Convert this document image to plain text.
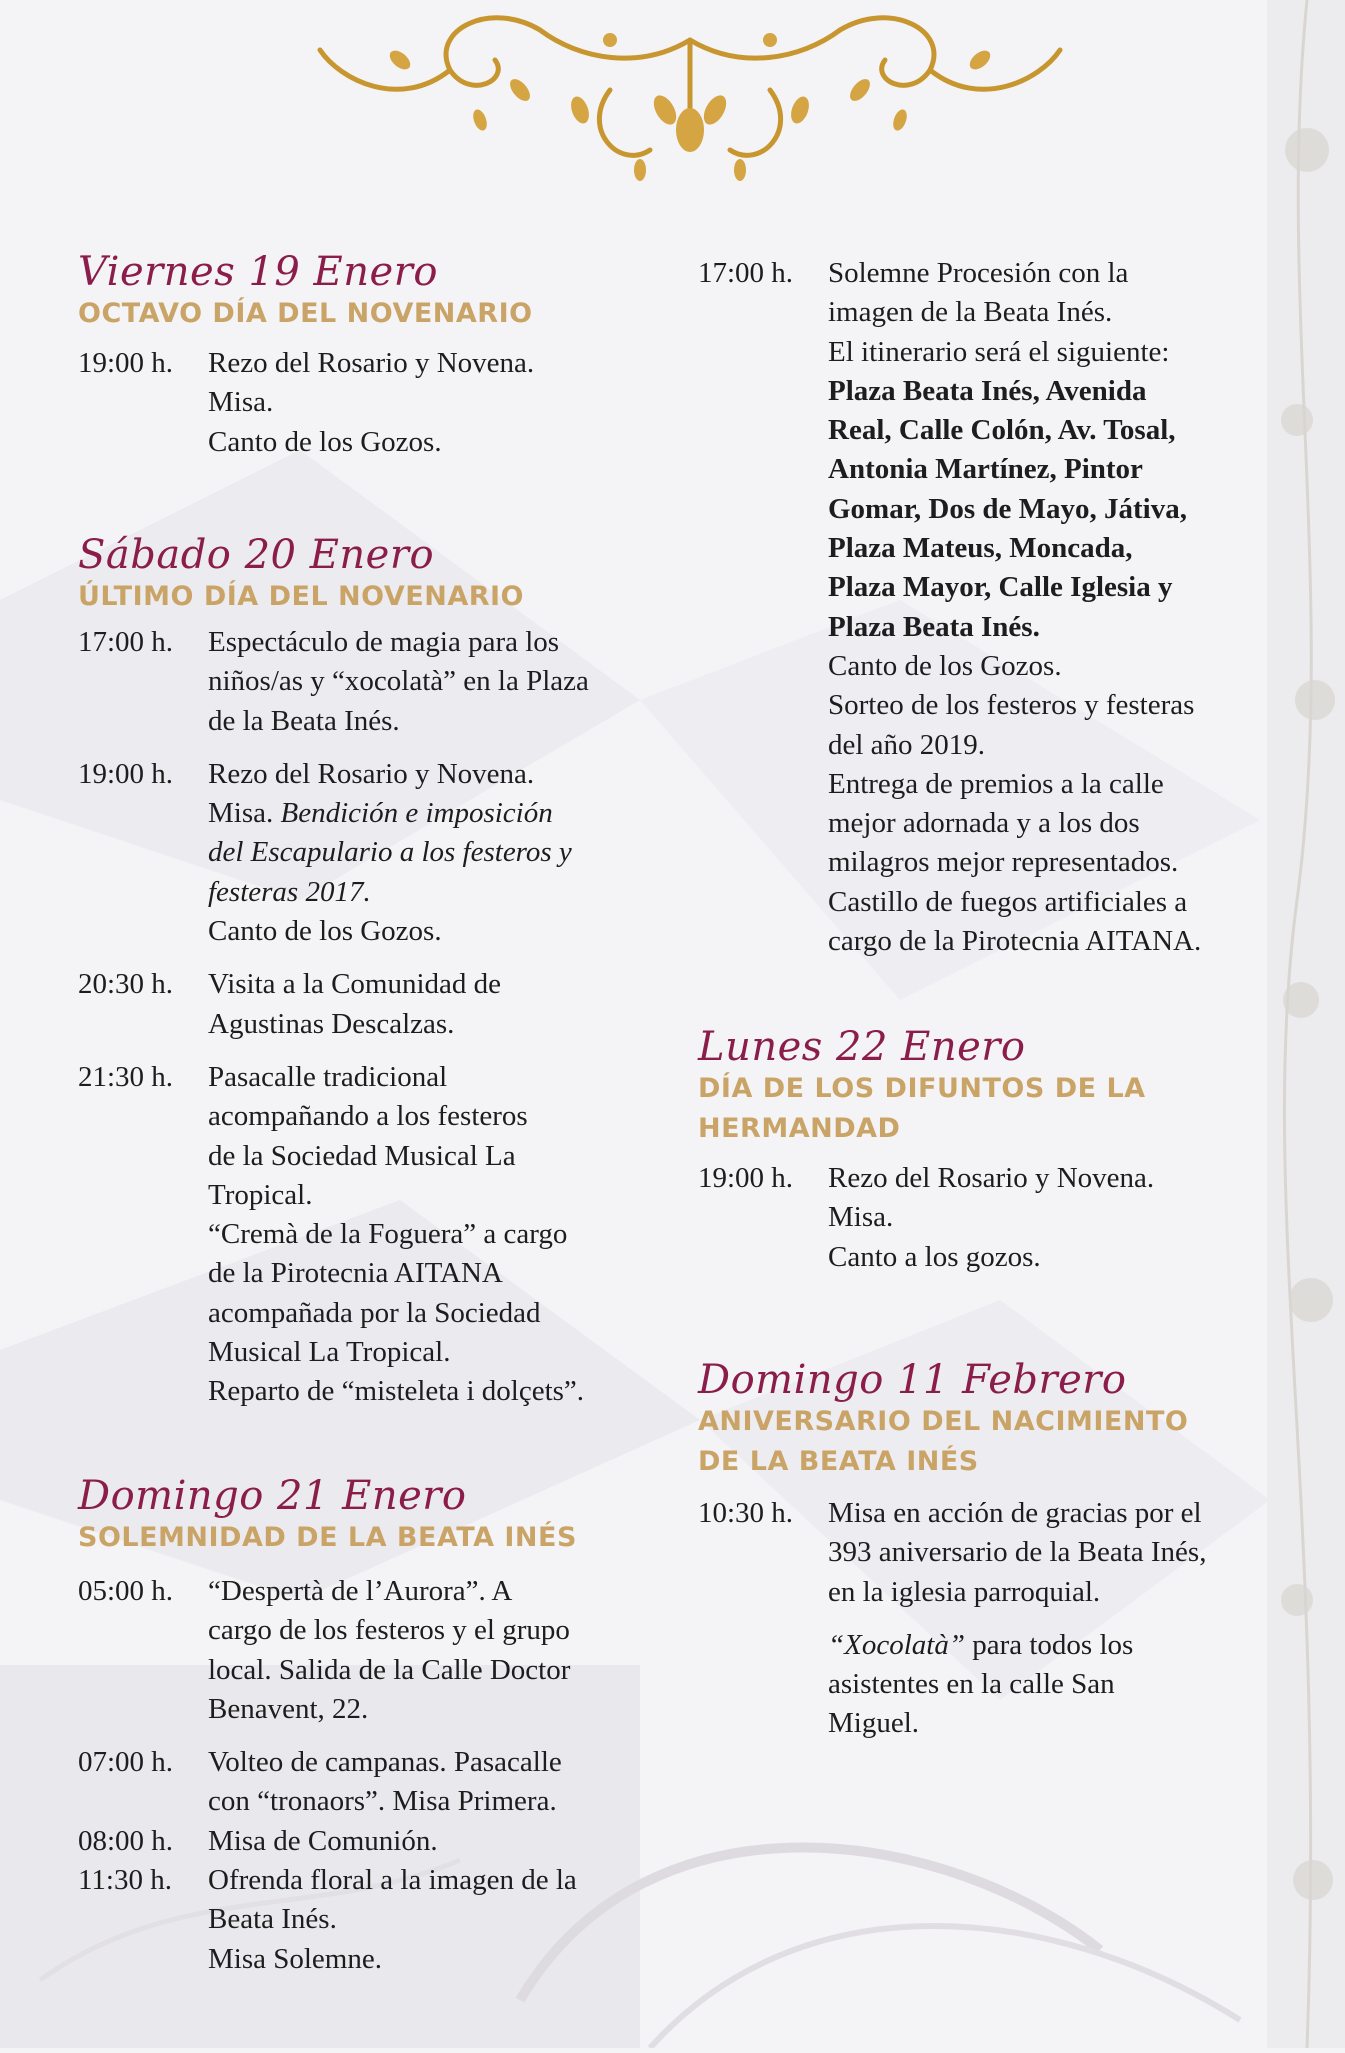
Viernes 19 Enero

OCTAVO DÍA DEL NOVENARIO

19:00 h.	Rezo del Rosario y Novena.
Misa.
Canto de los Gozos.

Sábado 20 Enero

ÚLTIMO DÍA DEL NOVENARIO

17:00 h.	Espectáculo de magia para los
niños/as y “xocolatà” en la Plaza
de la Beata Inés.
19:00 h.	Rezo del Rosario y Novena.
Misa. Bendición e imposición
del Escapulario a los festeros y
festeras 2017.
Canto de los Gozos.
20:30 h.	Visita a la Comunidad de
Agustinas Descalzas.
21:30 h.	Pasacalle tradicional
acompañando a los festeros
de la Sociedad Musical La
Tropical.
“Cremà de la Foguera” a cargo
de la Pirotecnia AITANA
acompañada por la Sociedad
Musical La Tropical.
Reparto de “misteleta i dolçets”.

Domingo 21 Enero

SOLEMNIDAD DE LA BEATA INÉS

05:00 h.	“Despertà de l’Aurora”. A
cargo de los festeros y el grupo
local. Salida de la Calle Doctor
Benavent, 22.
07:00 h.	Volteo de campanas. Pasacalle
con “tronaors”. Misa Primera.
08:00 h.	Misa de Comunión.
11:30 h.	Ofrenda floral a la imagen de la
Beata Inés.
Misa Solemne.
17:00 h.	Solemne Procesión con la
imagen de la Beata Inés.
El itinerario será el siguiente:
Plaza Beata Inés, Avenida
Real, Calle Colón, Av. Tosal,
Antonia Martínez, Pintor
Gomar, Dos de Mayo, Játiva,
Plaza Mateus, Moncada,
Plaza Mayor, Calle Iglesia y
Plaza Beata Inés.
Canto de los Gozos.
Sorteo de los festeros y festeras
del año 2019.
Entrega de premios a la calle
mejor adornada y a los dos
milagros mejor representados.
Castillo de fuegos artificiales a
cargo de la Pirotecnia AITANA.

Lunes 22 Enero

DÍA DE LOS DIFUNTOS DE LA

HERMANDAD

19:00 h.	Rezo del Rosario y Novena.
Misa.
Canto a los gozos.

Domingo 11 Febrero

ANIVERSARIO DEL NACIMIENTO

DE LA BEATA INÉS

10:30 h.	Misa en acción de gracias por el
393 aniversario de la Beata Inés,
en la iglesia parroquial.
“Xocolatà” para todos los
asistentes en la calle San
Miguel.
